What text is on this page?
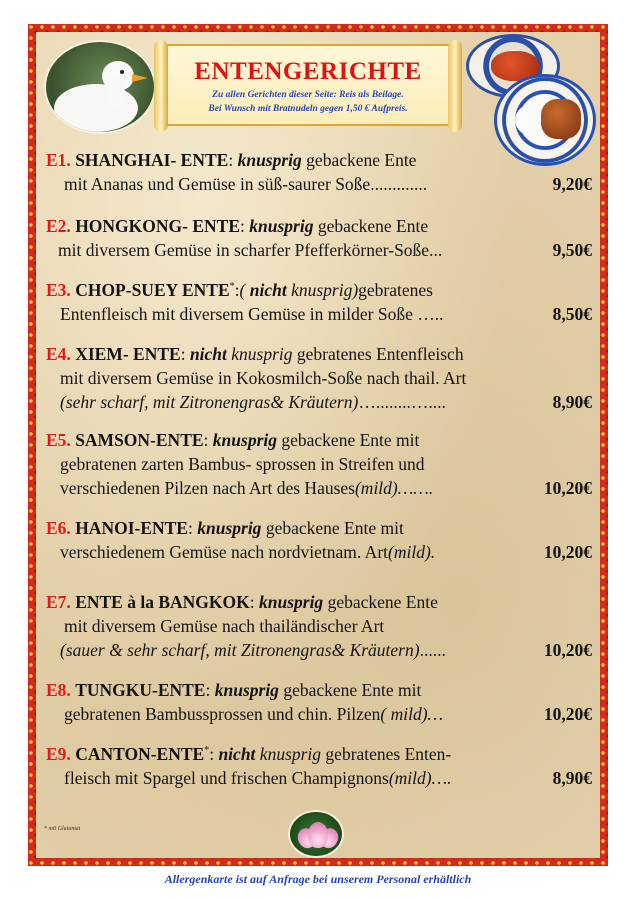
ENTENGERICHTE
Zu allen Gerichten dieser Seite: Reis als Beilage.
Bei Wunsch mit Bratnudeln gegen 1,50 € Aufpreis.
E1. SHANGHAI- ENTE: knusprig gebackene Ente
mit Ananas und Gemüse in süß-saurer Soße.............	9,20€
E2. HONGKONG- ENTE: knusprig gebackene Ente
mit diversem Gemüse in scharfer Pfefferkörner-Soße...	9,50€
E3. CHOP-SUEY ENTE*:( nicht knusprig)gebratenes
Entenfleisch mit diversem Gemüse in milder Soße …..	8,50€
E4. XIEM- ENTE: nicht knusprig gebratenes Entenfleisch
mit diversem Gemüse in Kokosmilch-Soße nach thail. Art
(sehr scharf, mit Zitronengras& Kräutern)…........…....	8,90€
E5. SAMSON-ENTE: knusprig gebackene Ente mit
gebratenen zarten Bambus- sprossen in Streifen und
verschiedenen Pilzen nach Art des Hauses(mild)…….	10,20€
E6. HANOI-ENTE: knusprig gebackene Ente mit
verschiedenem Gemüse nach nordvietnam. Art(mild).	10,20€
E7. ENTE à la BANGKOK: knusprig gebackene Ente
mit diversem Gemüse nach thailändischer Art
(sauer & sehr scharf, mit Zitronengras& Kräutern)......	10,20€
E8. TUNGKU-ENTE: knusprig gebackene Ente mit
gebratenen Bambussprossen und chin. Pilzen( mild)…	10,20€
E9. CANTON-ENTE*: nicht knusprig gebratenes Enten-
fleisch mit Spargel und frischen Champignons(mild)….	8,90€
* mit Glutamat
Allergenkarte ist auf Anfrage bei unserem Personal erhältlich
